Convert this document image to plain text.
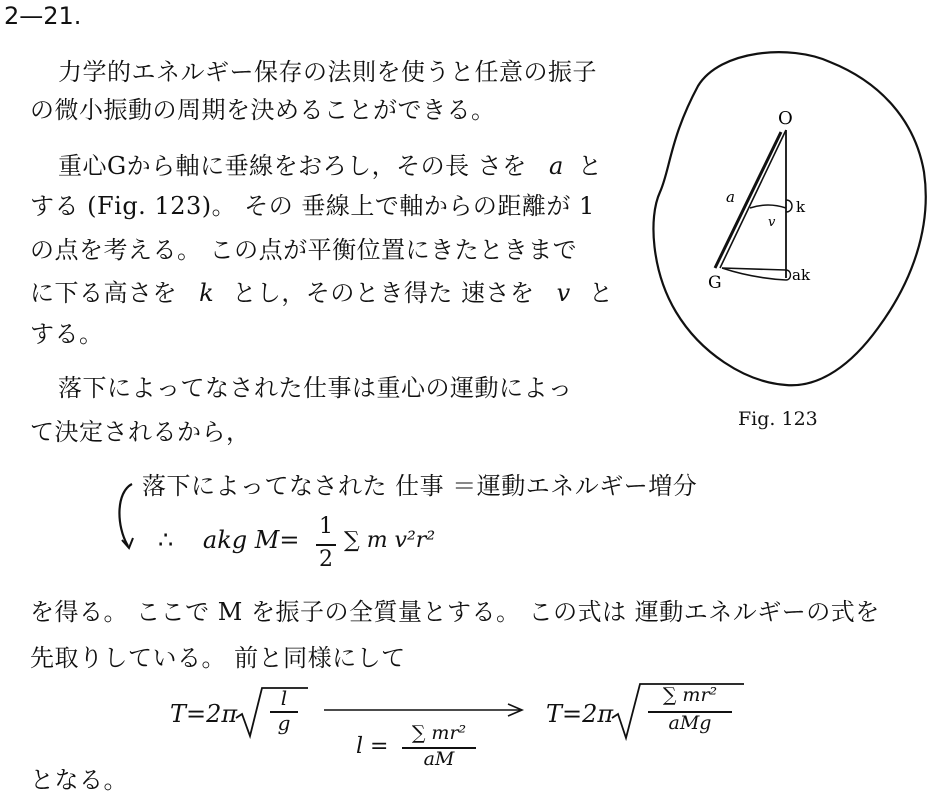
2—21.
力学的エネルギー保存の法則を使うと任意の振子
の微小振動の周期を決めることができる。
重心Gから軸に垂線をおろし，その長 さを a と
する (Fig. 123)。 その 垂線上で軸からの距離が 1
の点を考える。 この点が平衡位置にきたときまで
に下る高さを k とし，そのとき得た 速さを v と
する。
落下によってなされた仕事は重心の運動によっ
て決定されるから，
落下によってなされた 仕事 ＝運動エネルギー増分
∴ akg M= 1
2
∑ m v²r²
を得る。 ここで M を振子の全質量とする。 この式は 運動エネルギーの式を
先取りしている。 前と同様にして
T=2π
l
g
l =
∑ mr²
aM
T=2π
∑ mr²
aMg
となる。
O
a
k
v
G	ak
Fig. 123
